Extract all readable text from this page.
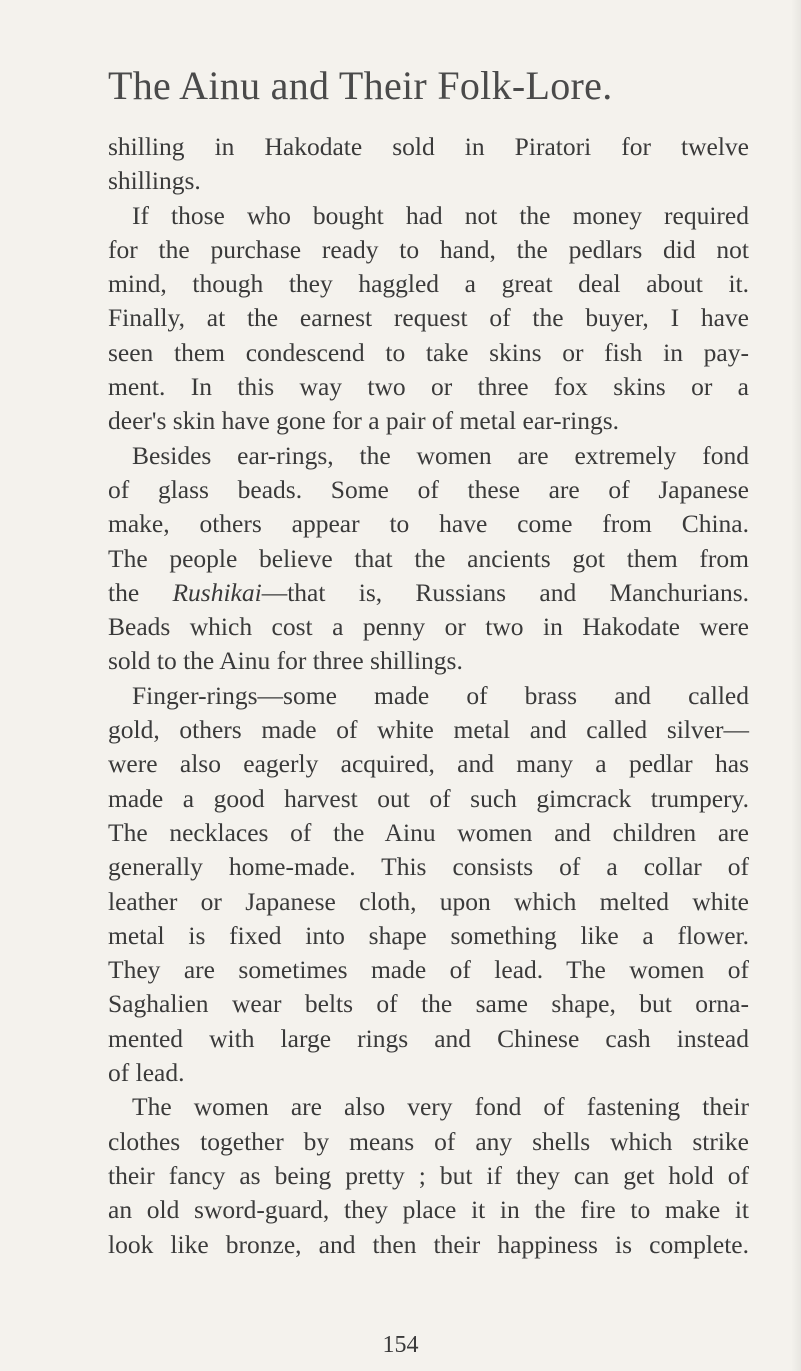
The Ainu and Their Folk-Lore.
shilling in Hakodate sold in Piratori for twelve
shillings.
If those who bought had not the money required
for the purchase ready to hand, the pedlars did not
mind, though they haggled a great deal about it.
Finally, at the earnest request of the buyer, I have
seen them condescend to take skins or fish in pay-
ment. In this way two or three fox skins or a
deer's skin have gone for a pair of metal ear-rings.
Besides ear-rings, the women are extremely fond
of glass beads. Some of these are of Japanese
make, others appear to have come from China.
The people believe that the ancients got them from
the Rushikai—that is, Russians and Manchurians.
Beads which cost a penny or two in Hakodate were
sold to the Ainu for three shillings.
Finger-rings—some made of brass and called
gold, others made of white metal and called silver—
were also eagerly acquired, and many a pedlar has
made a good harvest out of such gimcrack trumpery.
The necklaces of the Ainu women and children are
generally home-made. This consists of a collar of
leather or Japanese cloth, upon which melted white
metal is fixed into shape something like a flower.
They are sometimes made of lead. The women of
Saghalien wear belts of the same shape, but orna-
mented with large rings and Chinese cash instead
of lead.
The women are also very fond of fastening their
clothes together by means of any shells which strike
their fancy as being pretty ; but if they can get hold of
an old sword-guard, they place it in the fire to make it
look like bronze, and then their happiness is complete.
154
